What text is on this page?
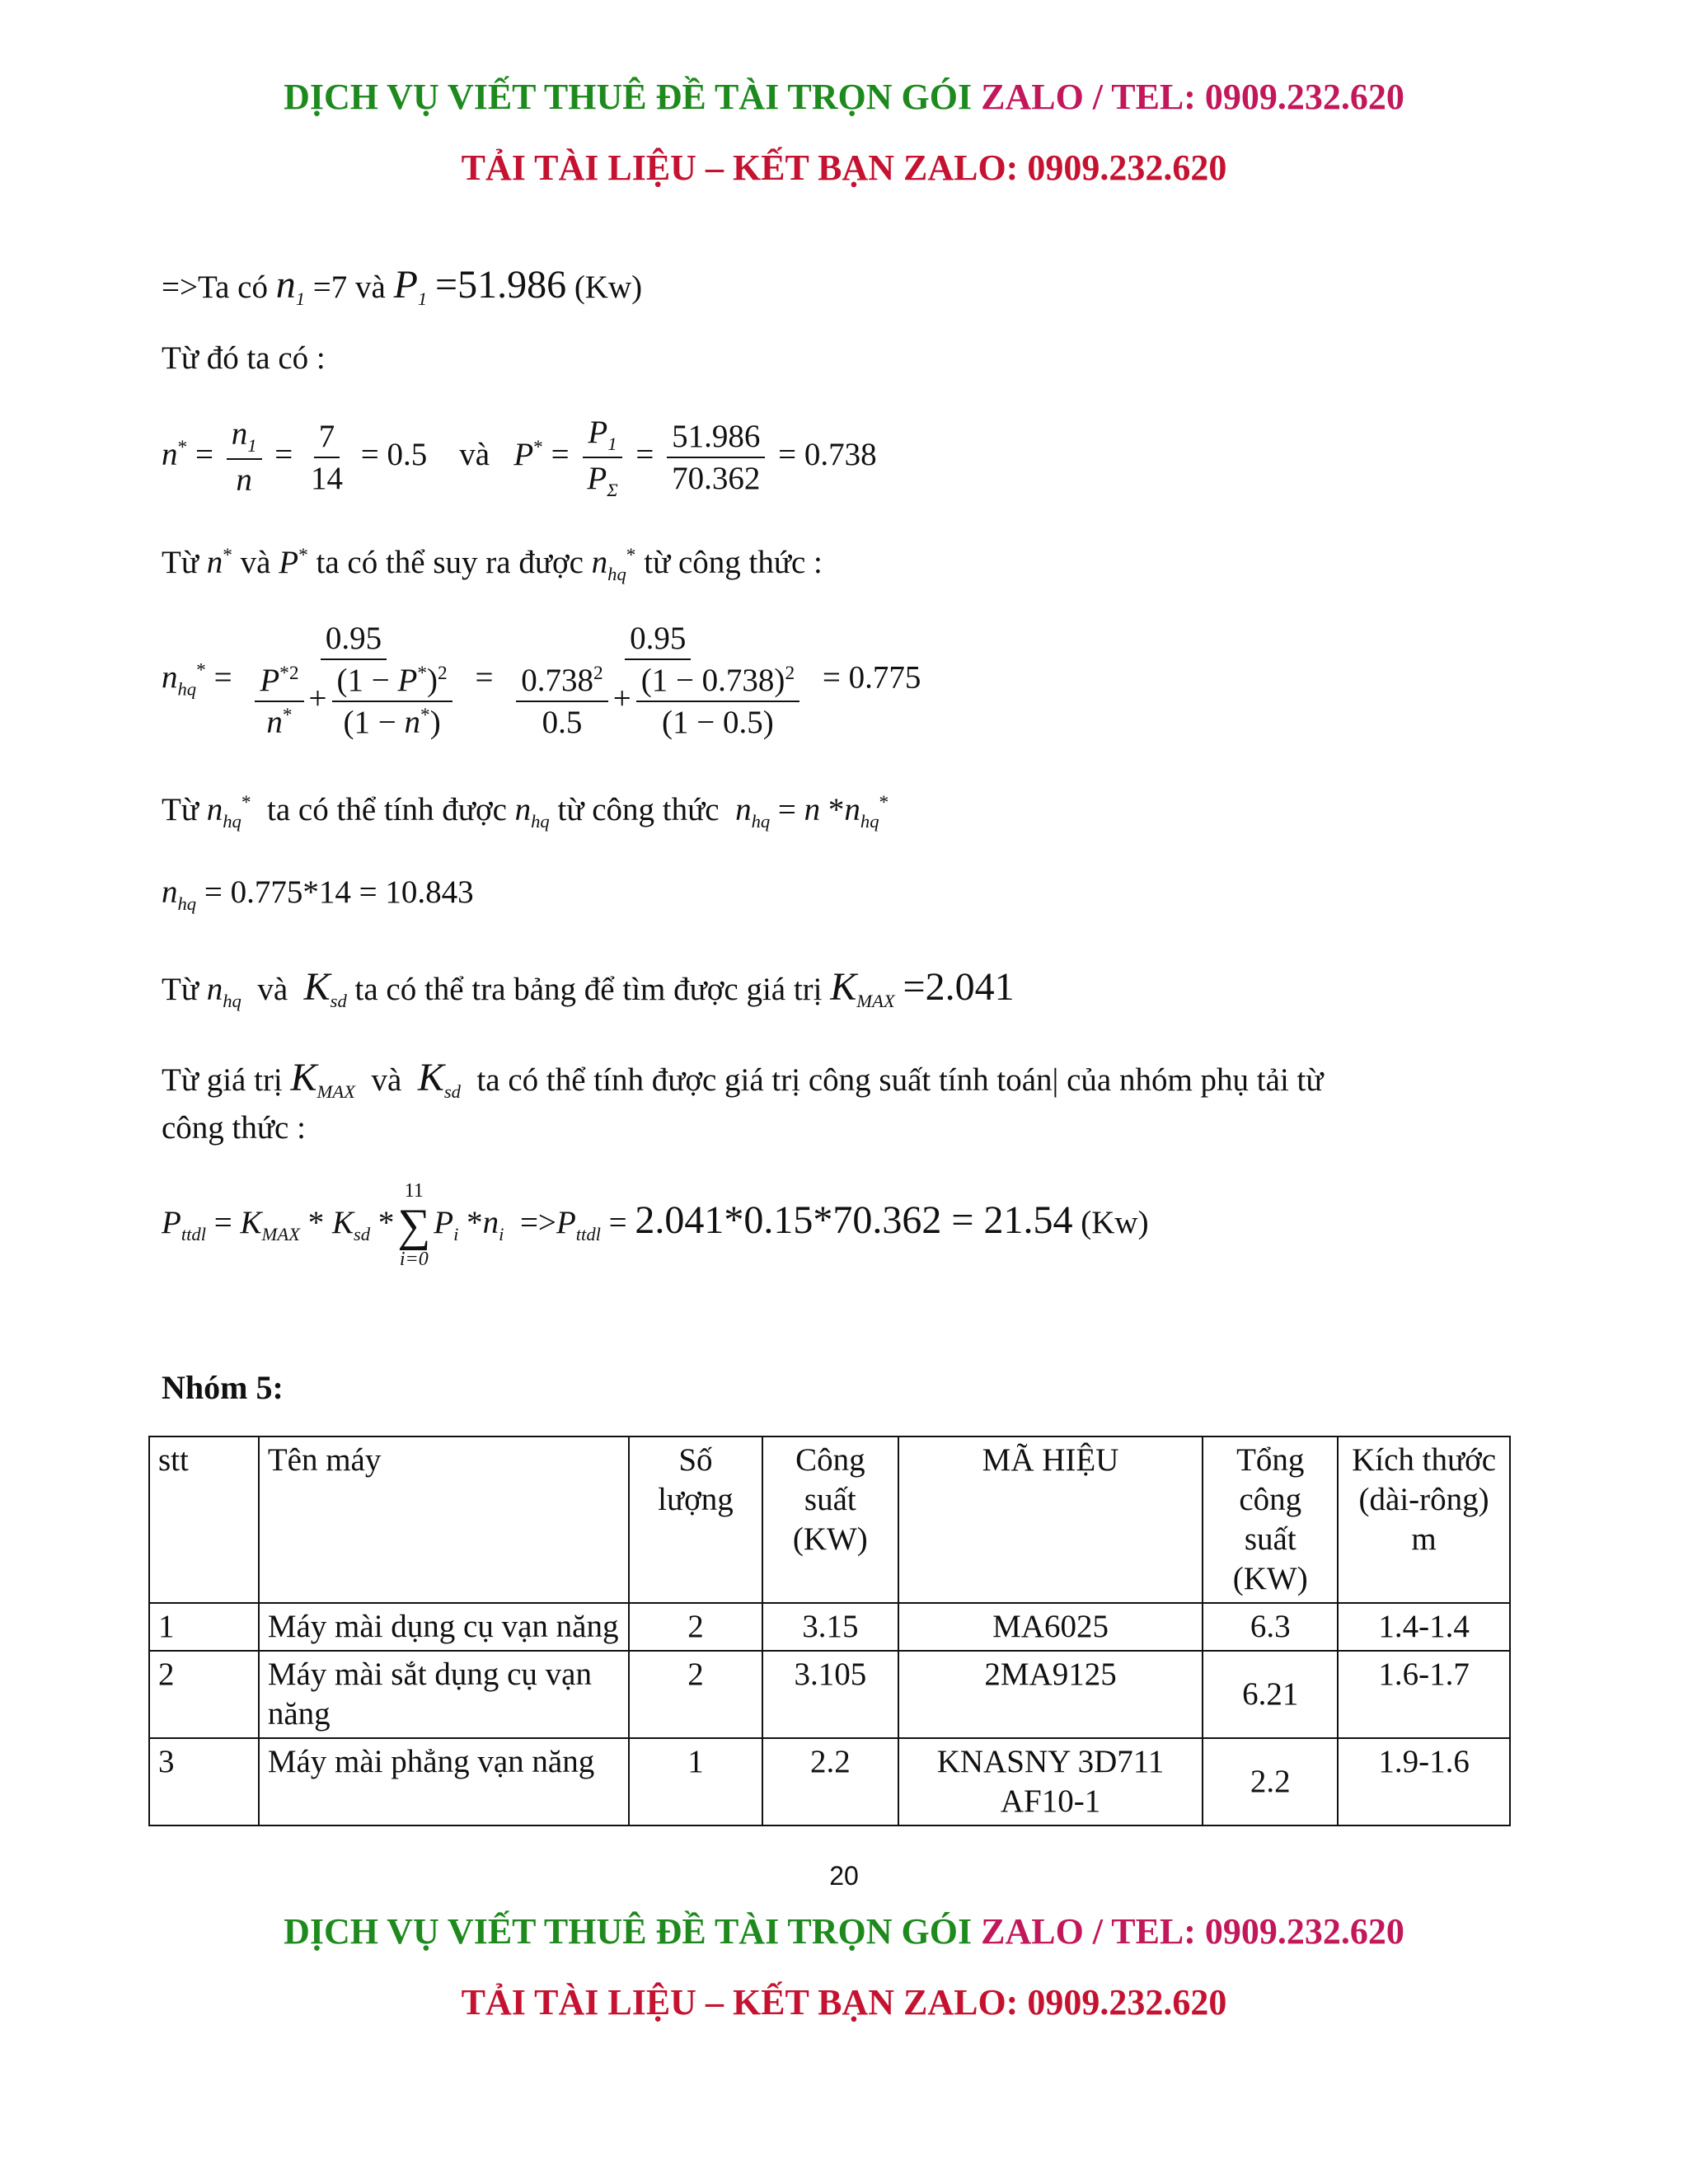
DỊCH VỤ VIẾT THUÊ ĐỀ TÀI TRỌN GÓI ZALO / TEL: 0909.232.620
TẢI TÀI LIỆU – KẾT BẠN ZALO: 0909.232.620
=>Ta có $n_1 =7$ và $P_1 =51.986$ (Kw)
Từ đó ta có :
$n^* = \frac{n_1}{n} = \frac{7}{14} = 0.5$ và $P^* = \frac{P_1}{P_\Sigma} = \frac{51.986}{70.362} = 0.738$
Từ n* và P* ta có thể suy ra được $n_{hq}^*$ từ công thức :
$n_{hq}^* = \frac{0.95}{\frac{P^{*2}}{n^*} + \frac{(1 - P^*)^2}{(1 - n^*)}} = \frac{0.95}{\frac{0.738^2}{0.5} + \frac{(1 - 0.738)^2}{(1 - 0.5)}} = 0.775$
Từ $n_{hq}^*$ ta có thể tính được $n_{hq}$ từ công thức $n_{hq} = n$ $*n_{hq}^*$
$n_{hq} = 0.775*14 = 10.843$
Từ $n_{hq}$ và $K_{sd}$ ta có thể tra bảng để tìm được giá trị $K_{MAX} =2.041$
Từ giá trị $K_{MAX}$ và $K_{sd}$ ta có thể tính được giá trị công suất tính toán| của nhóm phụ tải từ
công thức :
$P_{ttdl} = K_{MAX} * K_{sd}$ *
11
∑
i=0
$P_i$ $*n_i =>P_{ttdl} = 2.041*0.15*70.362 = 21.54$ (Kw)
Nhóm 5:
stt	Tên máy	Số lượng	Công suất (KW)	MÃ HIỆU	Tổng công suất (KW)	Kích thước (dài-rông) m
1	Máy mài dụng cụ vạn năng	2	3.15	MA6025	6.3	1.4-1.4
2	Máy mài sắt dụng cụ vạn năng	2	3.105	2MA9125	6.21	1.6-1.7
3	Máy mài phẳng vạn năng	1	2.2	KNASNY 3D711 AF10-1	2.2	1.9-1.6
20
DỊCH VỤ VIẾT THUÊ ĐỀ TÀI TRỌN GÓI ZALO / TEL: 0909.232.620
TẢI TÀI LIỆU – KẾT BẠN ZALO: 0909.232.620
